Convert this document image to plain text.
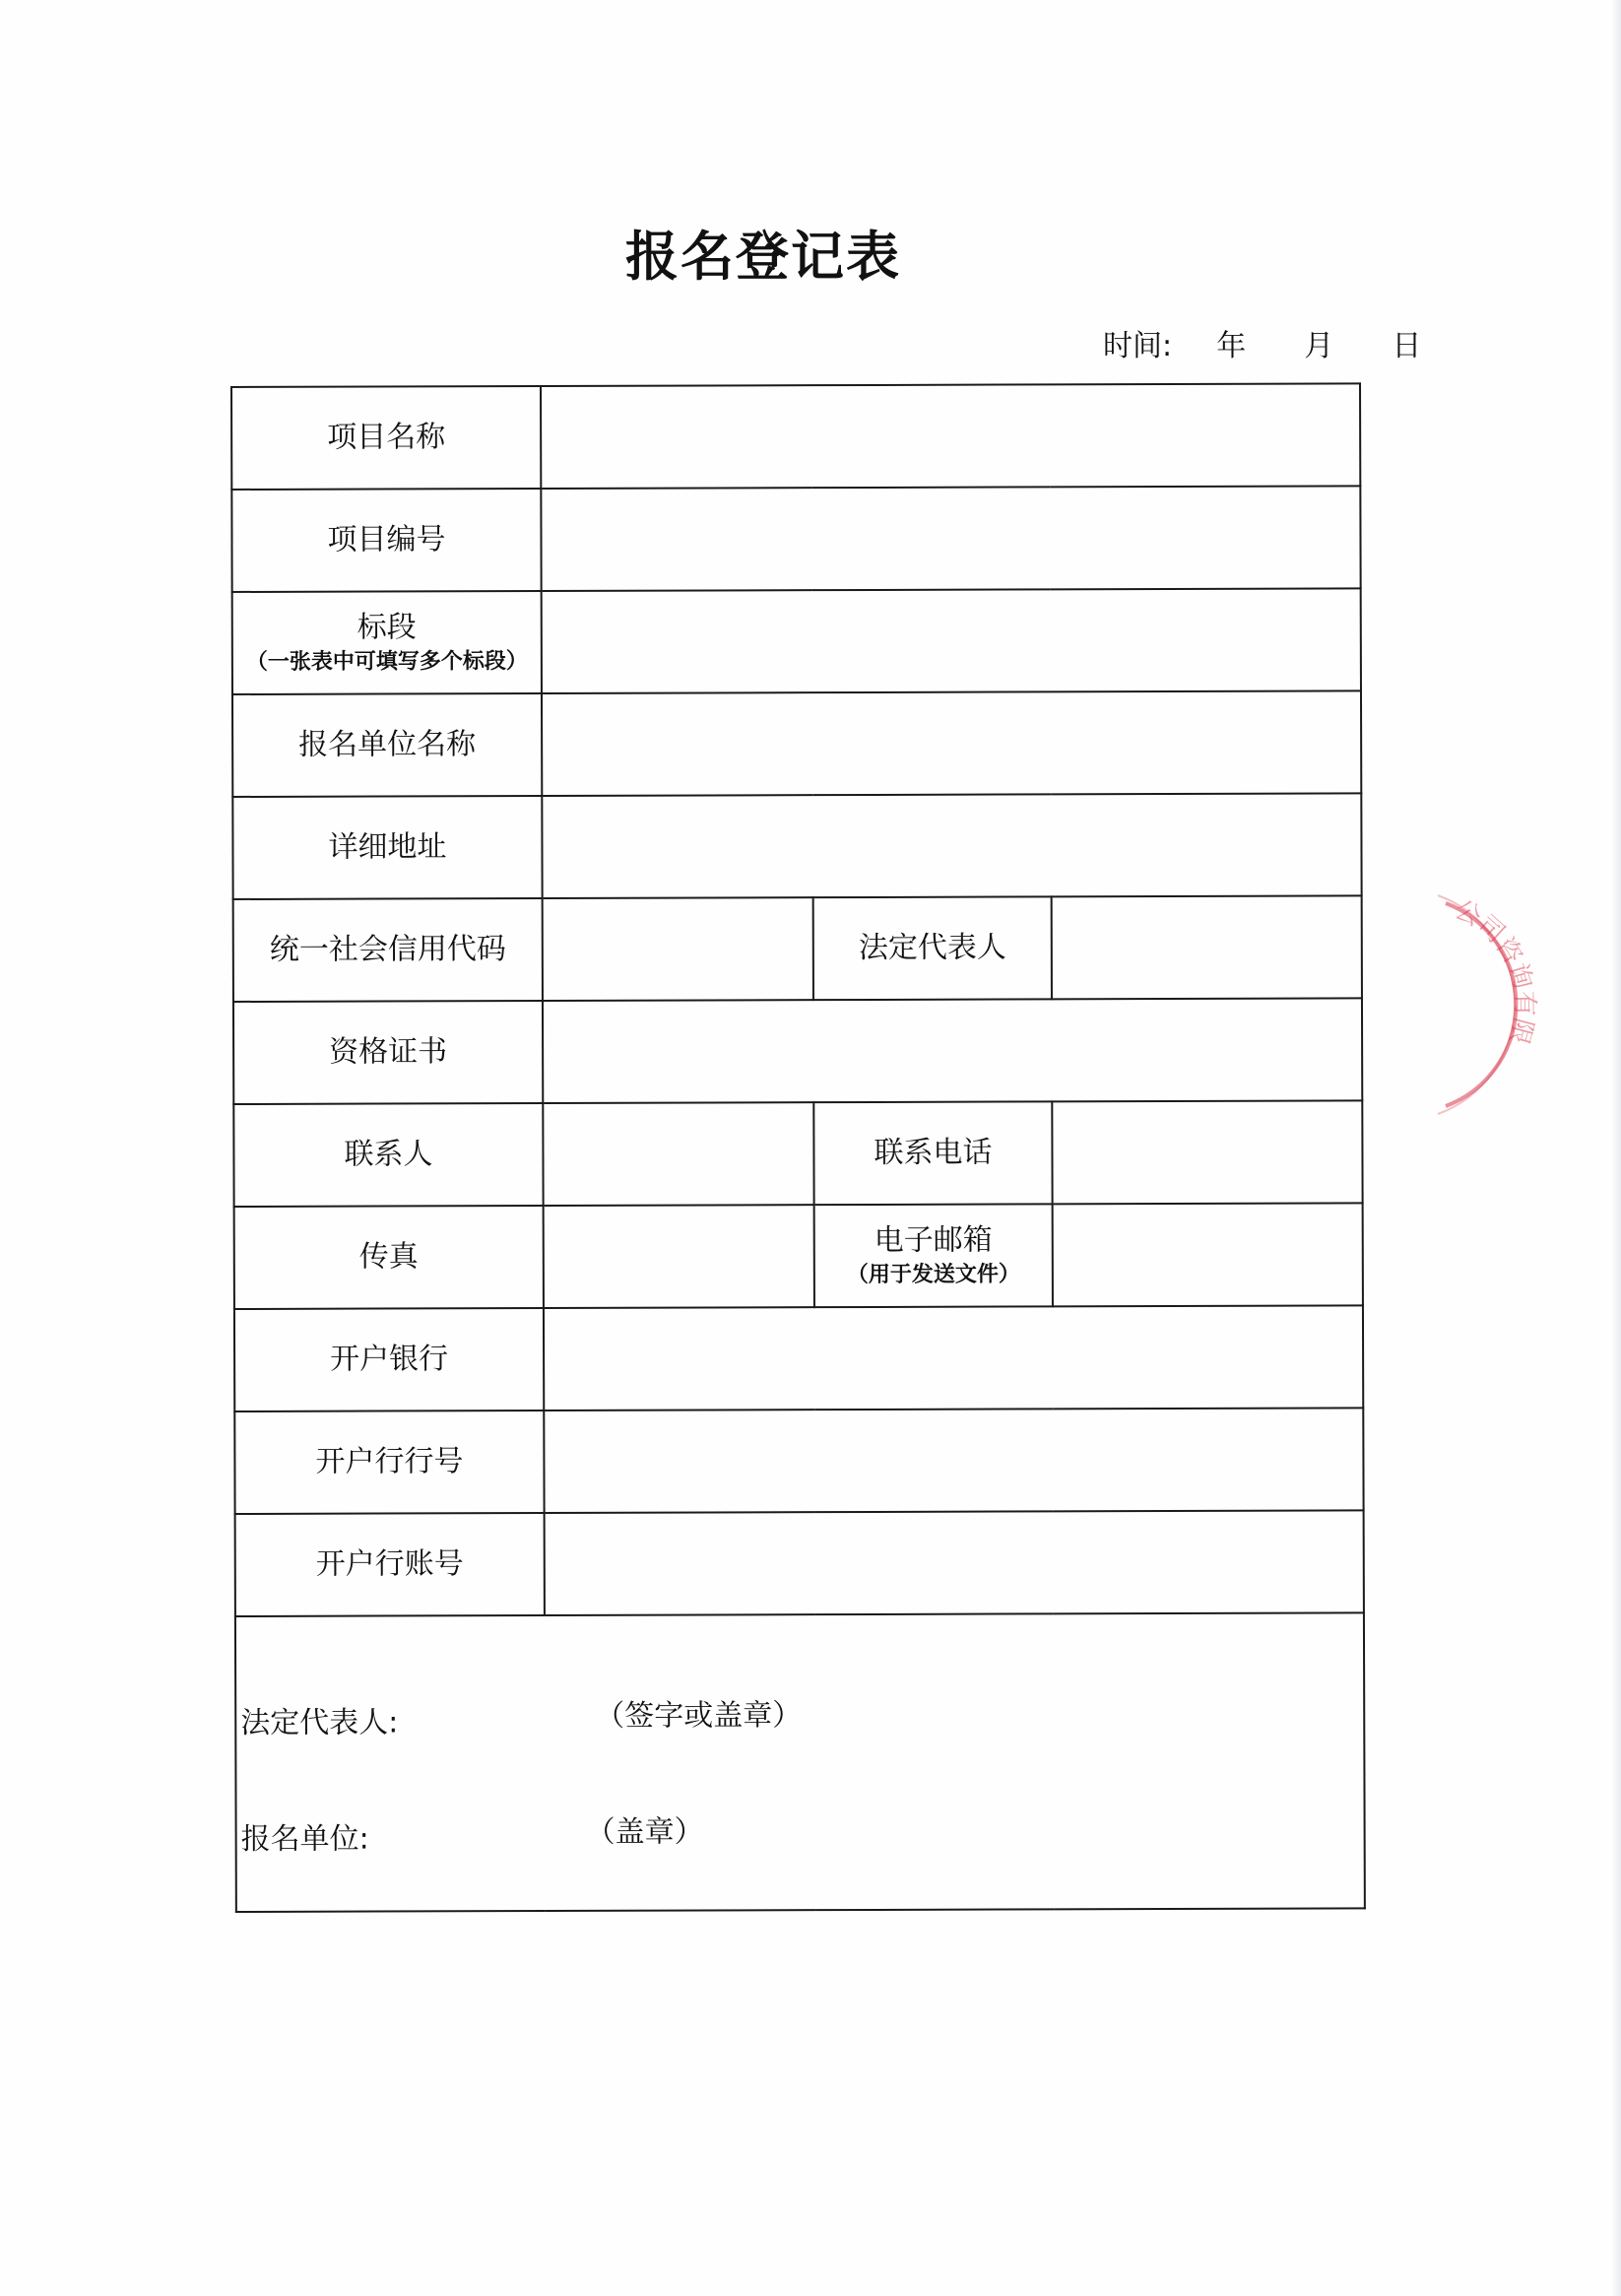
报名登记表
时间: 年 月 日
项目名称			

项目编号			

标段
（一张表中可填写多个标段）			

报名单位名称			

详细地址			

统一社会信用代码		法定代表人	

资格证书			

联系人		联系电话	

传真		电子邮箱
（用于发送文件）	

开户银行			

开户行行号			

开户行账号			

法定代表人: （签字或盖章）
报名单位: （盖章）			
公司咨询有限
